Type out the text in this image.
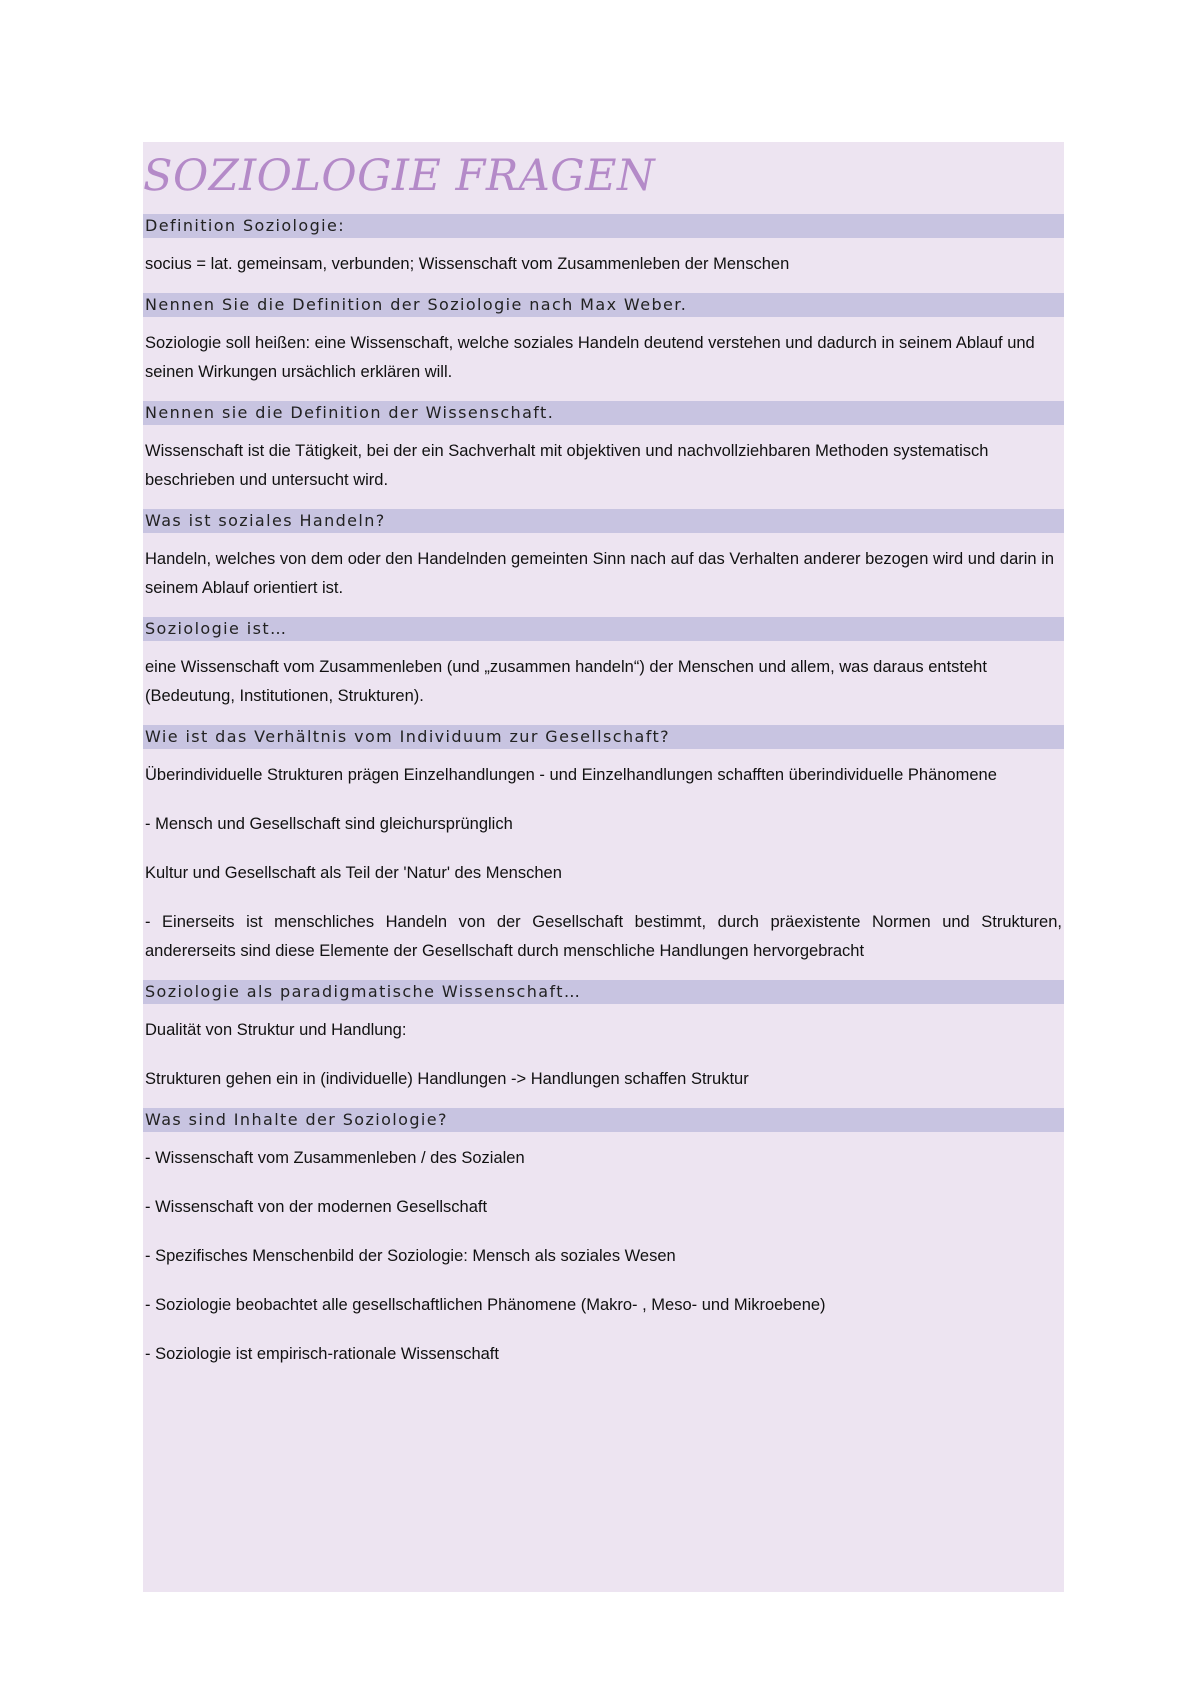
SOZIOLOGIE FRAGEN
Definition Soziologie:

socius = lat. gemeinsam, verbunden; Wissenschaft vom Zusammenleben der Menschen

Nennen Sie die Definition der Soziologie nach Max Weber.

Soziologie soll heißen: eine Wissenschaft, welche soziales Handeln deutend verstehen und dadurch in seinem Ablauf und seinen Wirkungen ursächlich erklären will.

Nennen sie die Definition der Wissenschaft.

Wissenschaft ist die Tätigkeit, bei der ein Sachverhalt mit objektiven und nachvollziehbaren Methoden systematisch beschrieben und untersucht wird.

Was ist soziales Handeln?

Handeln, welches von dem oder den Handelnden gemeinten Sinn nach auf das Verhalten anderer bezogen wird und darin in seinem Ablauf orientiert ist.

Soziologie ist…

eine Wissenschaft vom Zusammenleben (und „zusammen handeln“) der Menschen und allem, was daraus entsteht (Bedeutung, Institutionen, Strukturen).

Wie ist das Verhältnis vom Individuum zur Gesellschaft?

Überindividuelle Strukturen prägen Einzelhandlungen - und Einzelhandlungen schafften überindividuelle Phänomene

- Mensch und Gesellschaft sind gleichursprünglich

Kultur und Gesellschaft als Teil der 'Natur' des Menschen

- Einerseits ist menschliches Handeln von der Gesellschaft bestimmt, durch präexistente Normen und Strukturen, andererseits sind diese Elemente der Gesellschaft durch menschliche Handlungen hervorgebracht

Soziologie als paradigmatische Wissenschaft…

Dualität von Struktur und Handlung:

Strukturen gehen ein in (individuelle) Handlungen -> Handlungen schaffen Struktur

Was sind Inhalte der Soziologie?

- Wissenschaft vom Zusammenleben / des Sozialen

- Wissenschaft von der modernen Gesellschaft

- Spezifisches Menschenbild der Soziologie: Mensch als soziales Wesen

- Soziologie beobachtet alle gesellschaftlichen Phänomene (Makro- , Meso- und Mikroebene)

- Soziologie ist empirisch-rationale Wissenschaft
